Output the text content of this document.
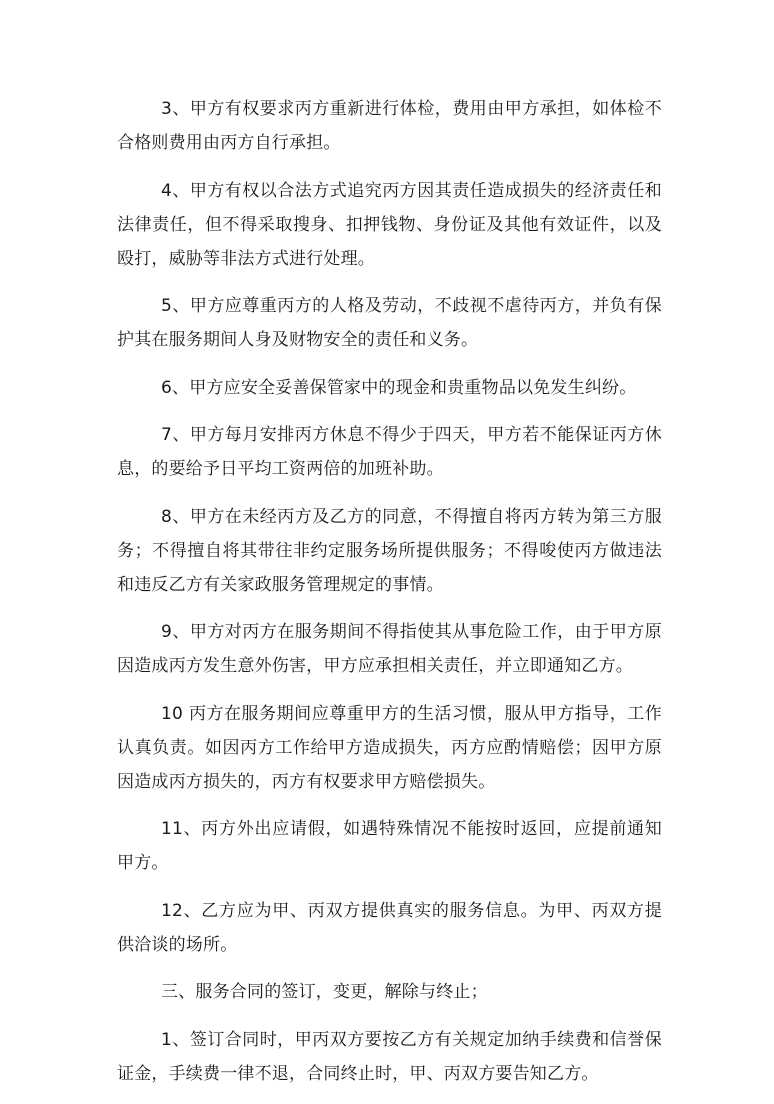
3、甲方有权要求丙方重新进行体检，费用由甲方承担，如体检不合格则费用由丙方自行承担。

4、甲方有权以合法方式追究丙方因其责任造成损失的经济责任和法律责任，但不得采取搜身、扣押钱物、身份证及其他有效证件，以及殴打，威胁等非法方式进行处理。

5、甲方应尊重丙方的人格及劳动，不歧视不虐待丙方，并负有保护其在服务期间人身及财物安全的责任和义务。

6、甲方应安全妥善保管家中的现金和贵重物品以免发生纠纷。

7、甲方每月安排丙方休息不得少于四天，甲方若不能保证丙方休息，的要给予日平均工资两倍的加班补助。

8、甲方在未经丙方及乙方的同意，不得擅自将丙方转为第三方服务；不得擅自将其带往非约定服务场所提供服务；不得唆使丙方做违法和违反乙方有关家政服务管理规定的事情。

9、甲方对丙方在服务期间不得指使其从事危险工作，由于甲方原因造成丙方发生意外伤害，甲方应承担相关责任，并立即通知乙方。

10 丙方在服务期间应尊重甲方的生活习惯，服从甲方指导，工作认真负责。如因丙方工作给甲方造成损失，丙方应酌情赔偿；因甲方原因造成丙方损失的，丙方有权要求甲方赔偿损失。

11、丙方外出应请假，如遇特殊情况不能按时返回，应提前通知甲方。

12、乙方应为甲、丙双方提供真实的服务信息。为甲、丙双方提供洽谈的场所。

三、服务合同的签订，变更，解除与终止；

1、签订合同时，甲丙双方要按乙方有关规定加纳手续费和信誉保证金，手续费一律不退，合同终止时，甲、丙双方要告知乙方。
